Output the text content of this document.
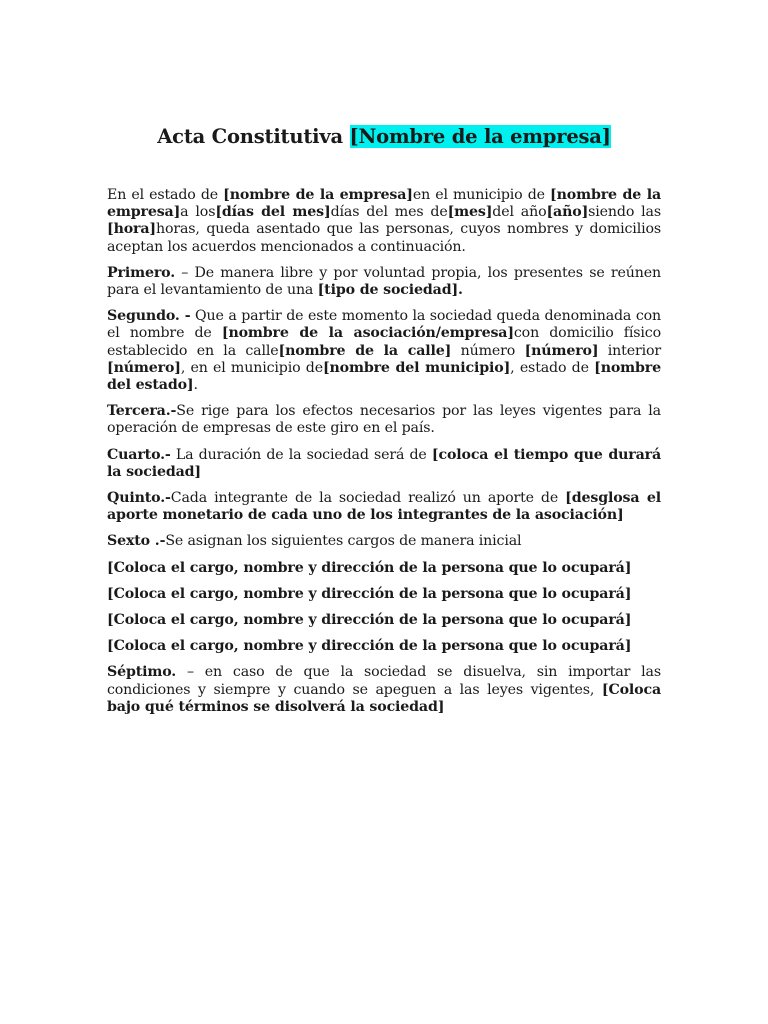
Acta Constitutiva [Nombre de la empresa]

En el estado de [nombre de la empresa]en el municipio de [nombre de la empresa]a los[días del mes]días del mes de[mes]del año[año]siendo las [hora]horas, queda asentado que las personas, cuyos nombres y domicilios aceptan los acuerdos mencionados a continuación.

Primero. – De manera libre y por voluntad propia, los presentes se reúnen para el levantamiento de una [tipo de sociedad].

Segundo. - Que a partir de este momento la sociedad queda denominada con el nombre de [nombre de la asociación/empresa]con domicilio físico establecido en la calle[nombre de la calle] número [número] interior [número], en el municipio de[nombre del municipio], estado de [nombre del estado].

Tercera.-Se rige para los efectos necesarios por las leyes vigentes para la operación de empresas de este giro en el país.

Cuarto.- La duración de la sociedad será de [coloca el tiempo que durará la sociedad]

Quinto.-Cada integrante de la sociedad realizó un aporte de [desglosa el aporte monetario de cada uno de los integrantes de la asociación]

Sexto .-Se asignan los siguientes cargos de manera inicial

[Coloca el cargo, nombre y dirección de la persona que lo ocupará]

[Coloca el cargo, nombre y dirección de la persona que lo ocupará]

[Coloca el cargo, nombre y dirección de la persona que lo ocupará]

[Coloca el cargo, nombre y dirección de la persona que lo ocupará]

Séptimo. – en caso de que la sociedad se disuelva, sin importar las condiciones y siempre y cuando se apeguen a las leyes vigentes, [Coloca bajo qué términos se disolverá la sociedad]
